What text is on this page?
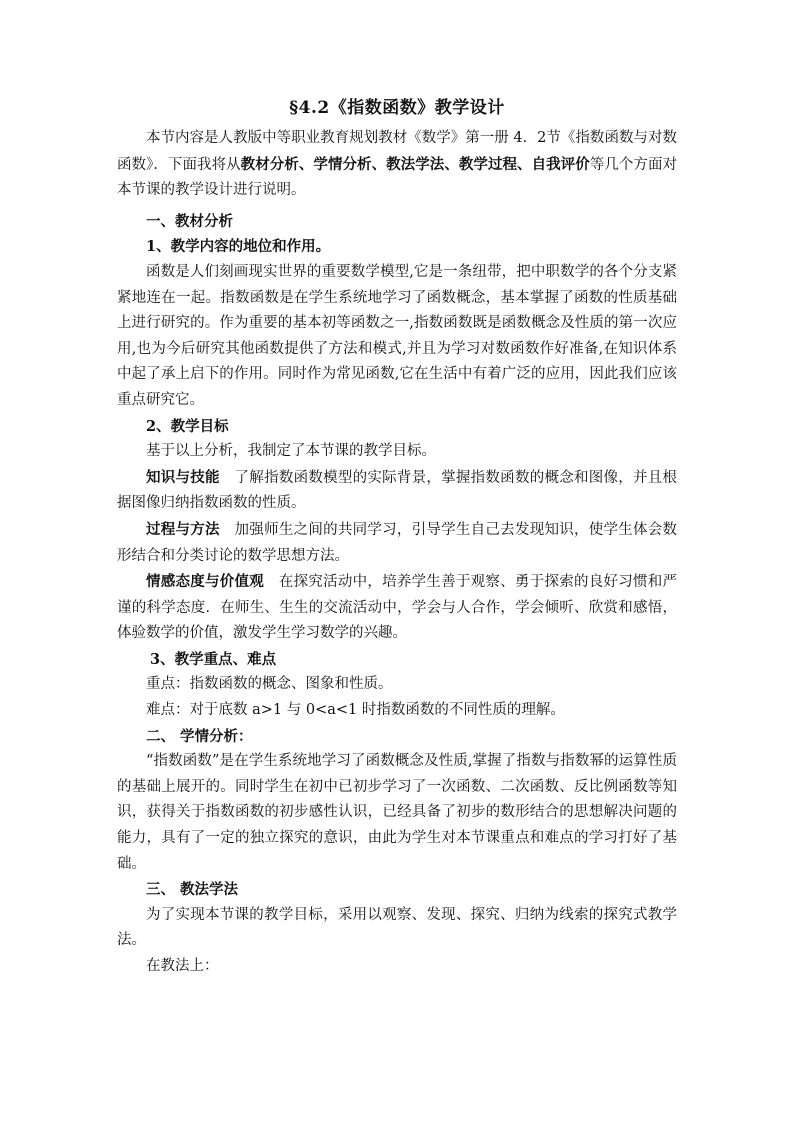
§4.2《指数函数》教学设计

本节内容是人教版中等职业教育规划教材《数学》第一册 4．2节《指数函数与对数函数》．下面我将从教材分析、学情分析、教法学法、教学过程、自我评价等几个方面对本节课的教学设计进行说明。

一、教材分析
1、教学内容的地位和作用。

函数是人们刻画现实世界的重要数学模型,它是一条纽带，把中职数学的各个分支紧紧地连在一起。指数函数是在学生系统地学习了函数概念，基本掌握了函数的性质基础上进行研究的。作为重要的基本初等函数之一,指数函数既是函数概念及性质的第一次应用,也为今后研究其他函数提供了方法和模式,并且为学习对数函数作好准备,在知识体系中起了承上启下的作用。同时作为常见函数,它在生活中有着广泛的应用，因此我们应该重点研究它。

2、教学目标

基于以上分析，我制定了本节课的教学目标。

知识与技能  了解指数函数模型的实际背景，掌握指数函数的概念和图像，并且根据图像归纳指数函数的性质。

过程与方法  加强师生之间的共同学习，引导学生自己去发现知识，使学生体会数形结合和分类讨论的数学思想方法。

情感态度与价值观  在探究活动中，培养学生善于观察、勇于探索的良好习惯和严谨的科学态度．在师生、生生的交流活动中，学会与人合作，学会倾听、欣赏和感悟，体验数学的价值，激发学生学习数学的兴趣。

3、教学重点、难点

重点：指数函数的概念、图象和性质。

难点：对于底数 a>1 与 0<a<1 时指数函数的不同性质的理解。

二、 学情分析：

“指数函数”是在学生系统地学习了函数概念及性质,掌握了指数与指数幂的运算性质的基础上展开的。同时学生在初中已初步学习了一次函数、二次函数、反比例函数等知识，获得关于指数函数的初步感性认识，已经具备了初步的数形结合的思想解决问题的能力，具有了一定的独立探究的意识，由此为学生对本节课重点和难点的学习打好了基础。

三、 教法学法

为了实现本节课的教学目标，采用以观察、发现、探究、归纳为线索的探究式教学法。

在教法上：
